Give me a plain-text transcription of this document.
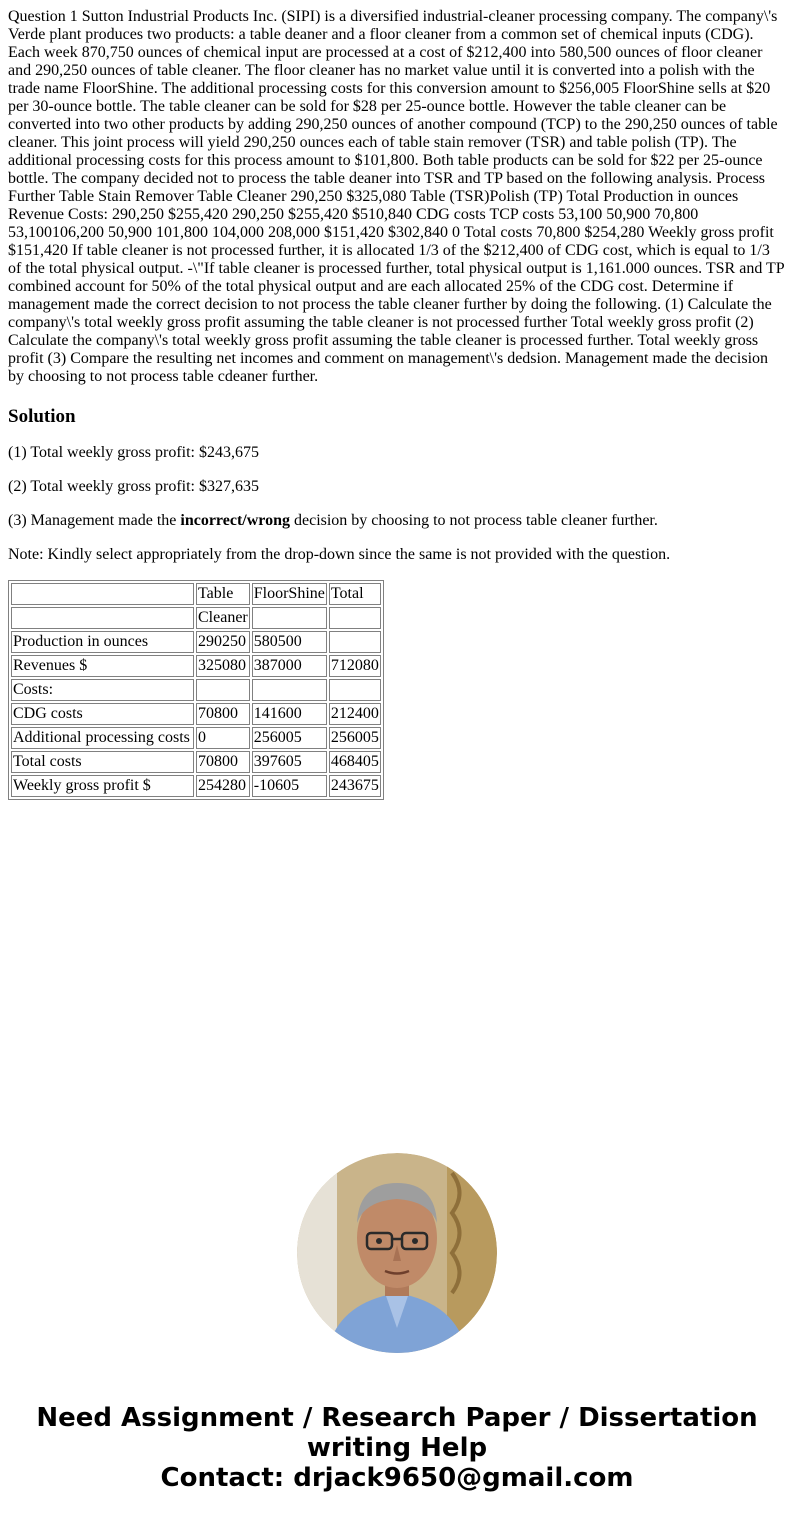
Question 1 Sutton Industrial Products Inc. (SIPI) is a diversified industrial-cleaner processing company. The company\'s Verde plant produces two products: a table deaner and a floor cleaner from a common set of chemical inputs (CDG). Each week 870,750 ounces of chemical input are processed at a cost of $212,400 into 580,500 ounces of floor cleaner and 290,250 ounces of table cleaner. The floor cleaner has no market value until it is converted into a polish with the trade name FloorShine. The additional processing costs for this conversion amount to $256,005 FloorShine sells at $20 per 30-ounce bottle. The table cleaner can be sold for $28 per 25-ounce bottle. However the table cleaner can be converted into two other products by adding 290,250 ounces of another compound (TCP) to the 290,250 ounces of table cleaner. This joint process will yield 290,250 ounces each of table stain remover (TSR) and table polish (TP). The additional processing costs for this process amount to $101,800. Both table products can be sold for $22 per 25-ounce bottle. The company decided not to process the table deaner into TSR and TP based on the following analysis. Process Further Table Stain Remover Table Cleaner 290,250 $325,080 Table (TSR)Polish (TP) Total Production in ounces Revenue Costs: 290,250 $255,420 290,250 $255,420 $510,840 CDG costs TCP costs 53,100 50,900 70,800 53,100106,200 50,900 101,800 104,000 208,000 $151,420 $302,840 0 Total costs 70,800 $254,280 Weekly gross profit $151,420 If table cleaner is not processed further, it is allocated 1/3 of the $212,400 of CDG cost, which is equal to 1/3 of the total physical output. -\"If table cleaner is processed further, total physical output is 1,161.000 ounces. TSR and TP combined account for 50% of the total physical output and are each allocated 25% of the CDG cost. Determine if management made the correct decision to not process the table cleaner further by doing the following. (1) Calculate the company\'s total weekly gross profit assuming the table cleaner is not processed further Total weekly gross profit (2) Calculate the company\'s total weekly gross profit assuming the table cleaner is processed further. Total weekly gross profit (3) Compare the resulting net incomes and comment on management\'s dedsion. Management made the decision by choosing to not process table cdeaner further.
Solution

(1) Total weekly gross profit: $243,675

(2) Total weekly gross profit: $327,635

(3) Management made the incorrect/wrong decision by choosing to not process table cleaner further.

Note: Kindly select appropriately from the drop-down since the same is not provided with the question.

	Table	FloorShine	Total
	Cleaner		
Production in ounces	290250	580500	
Revenues $	325080	387000	712080
Costs:			
CDG costs	70800	141600	212400
Additional processing costs	0	256005	256005
Total costs	70800	397605	468405
Weekly gross profit $	254280	-10605	243675
Need Assignment / Research Paper / Dissertation
writing Help
Contact: drjack9650@gmail.com
